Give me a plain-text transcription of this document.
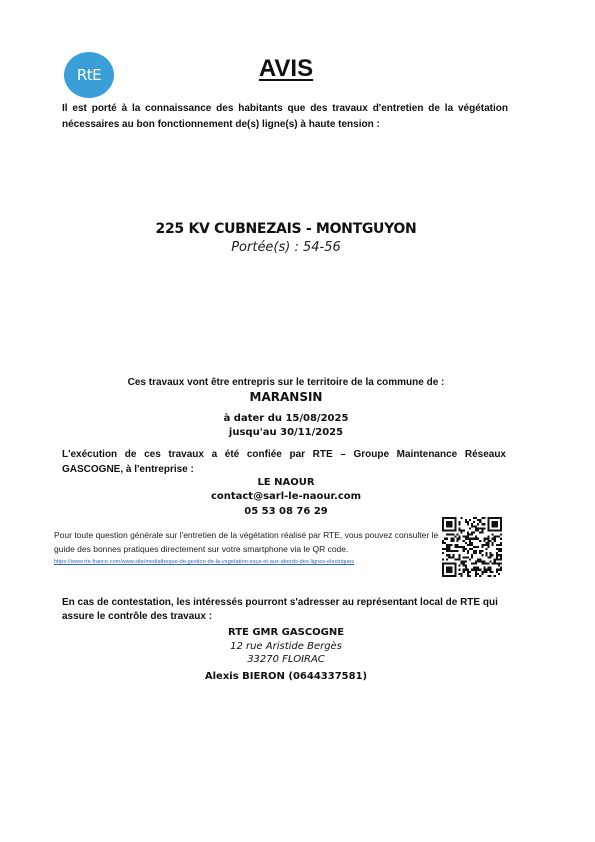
RtE	AVIS
Il est porté à la connaissance des habitants que des travaux d'entretien de la végétation nécessaires au bon fonctionnement de(s) ligne(s) à haute tension :
225 KV CUBNEZAIS - MONTGUYON
Portée(s) : 54-56
Ces travaux vont être entrepris sur le territoire de la commune de :
MARANSIN
à dater du 15/08/2025
jusqu'au 30/11/2025
L'exécution de ces travaux a été confiée par RTE – Groupe Maintenance Réseaux GASCOGNE, à l'entreprise :
LE NAOUR
contact@sarl-le-naour.com
05 53 08 76 29
Pour toute question générale sur l'entretien de la végétation réalisé par RTE, vous pouvez consulter le guide des bonnes pratiques directement sur votre smartphone via le QR code.
https://www.rte-france.com/www.site/mediatheque-de-gestion-de-la-vegetation-sous-et-aux-abords-des-lignes-electriques
En cas de contestation, les intéressés pourront s'adresser au représentant local de RTE qui assure le contrôle des travaux :
RTE GMR GASCOGNE
12 rue Aristide Bergès
33270 FLOIRAC
Alexis BIERON (0644337581)
